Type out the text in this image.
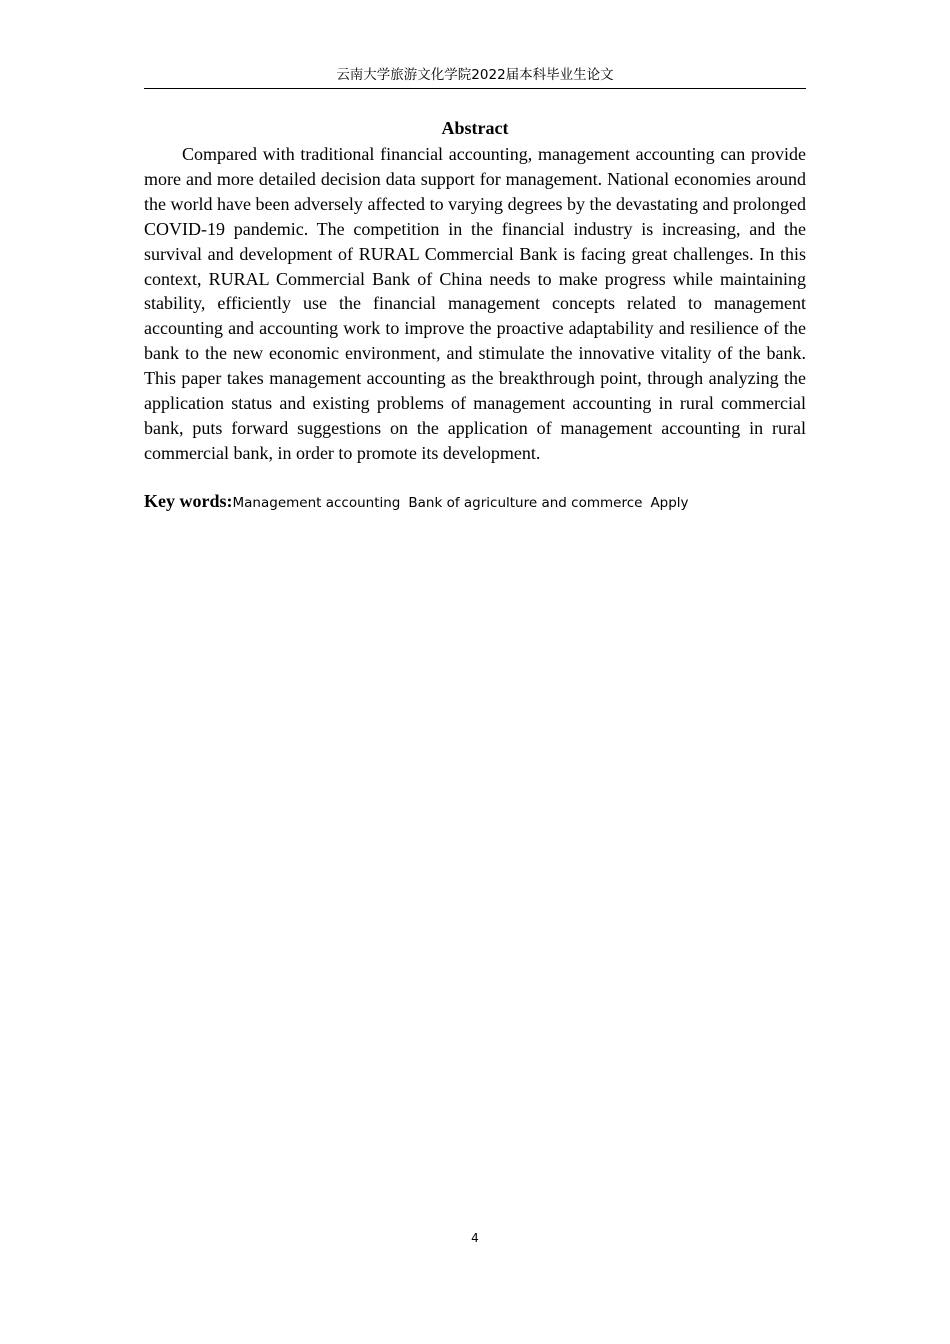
云南大学旅游文化学院2022届本科毕业生论文
Abstract

Compared with traditional financial accounting, management accounting can provide more and more detailed decision data support for management. National economies around the world have been adversely affected to varying degrees by the devastating and prolonged COVID-19 pandemic. The competition in the financial industry is increasing, and the survival and development of RURAL Commercial Bank is facing great challenges. In this context, RURAL Commercial Bank of China needs to make progress while maintaining stability, efficiently use the financial management concepts related to management accounting and accounting work to improve the proactive adaptability and resilience of the bank to the new economic environment, and stimulate the innovative vitality of the bank. This paper takes management accounting as the breakthrough point, through analyzing the application status and existing problems of management accounting in rural commercial bank, puts forward suggestions on the application of management accounting in rural commercial bank, in order to promote its development.

Key words:Management accounting Bank of agriculture and commerce Apply
4
